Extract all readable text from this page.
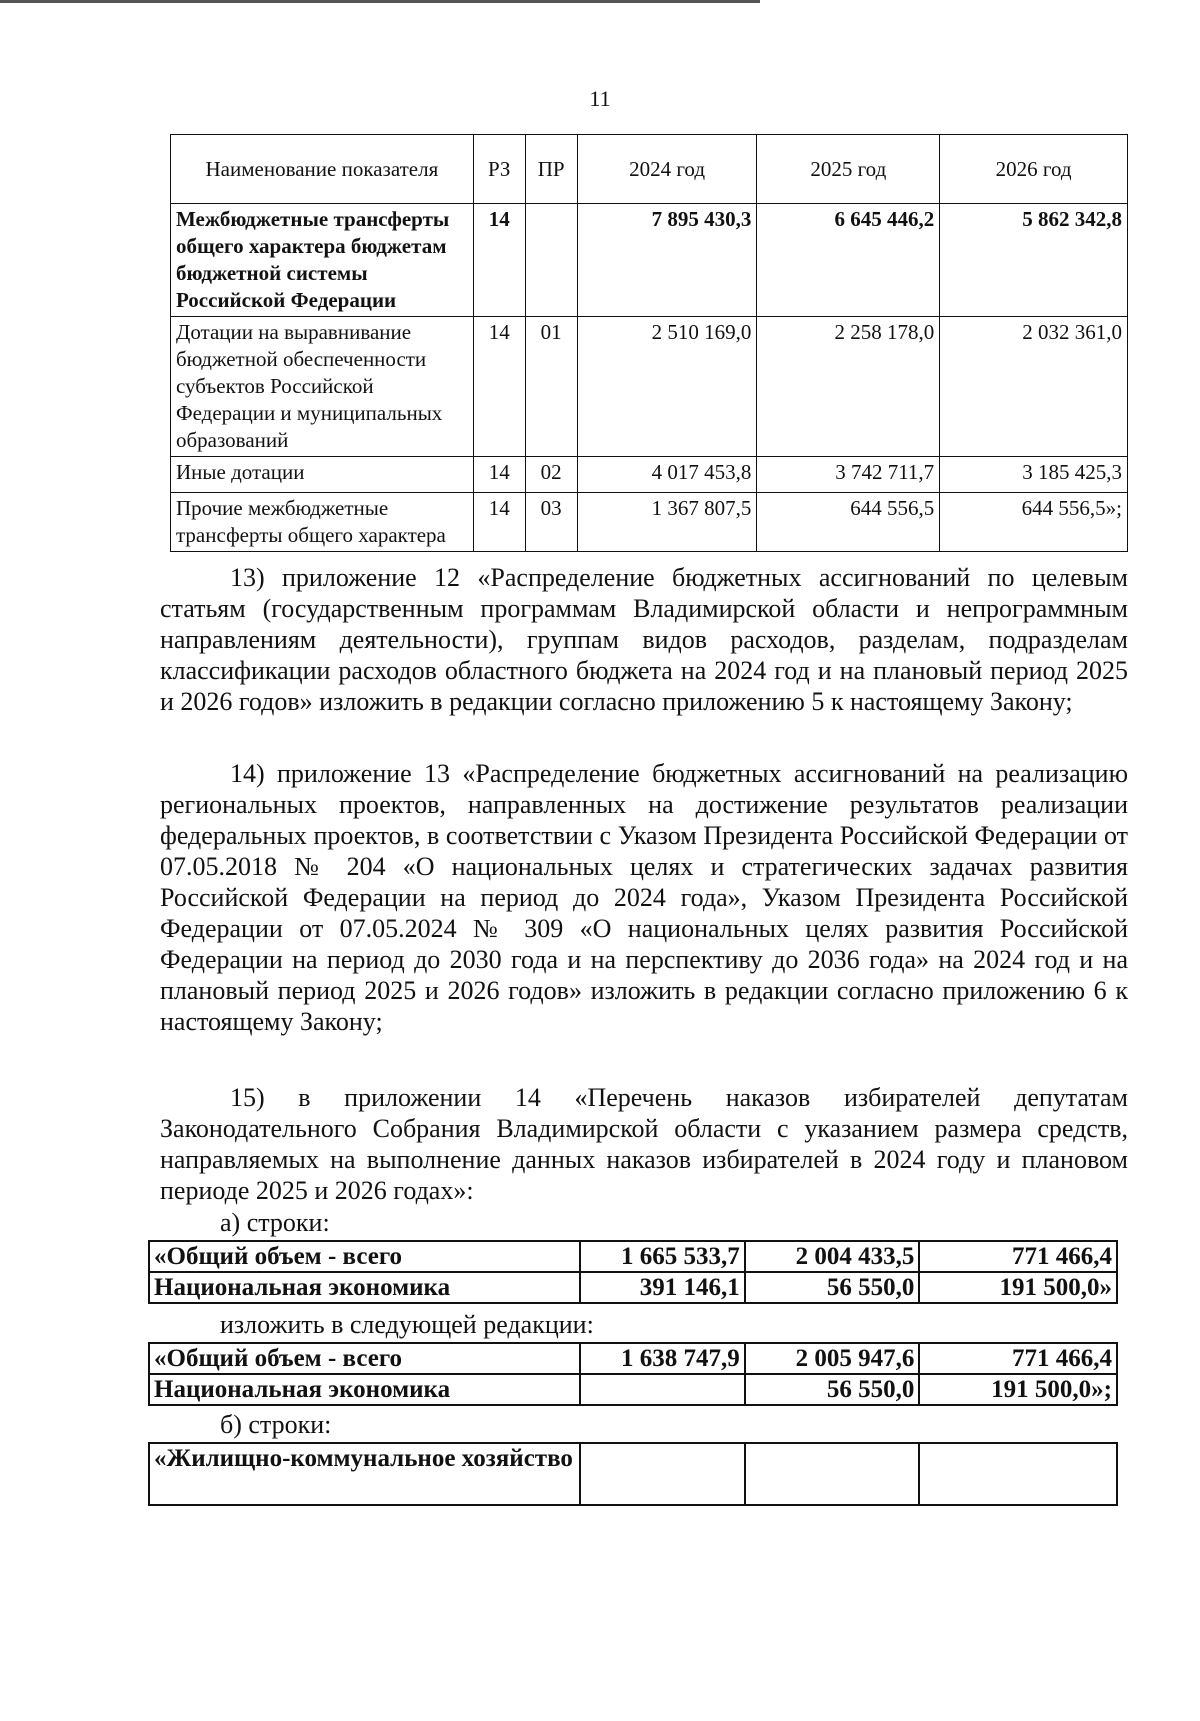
11
Наименование показателя	РЗ	ПР	2024 год	2025 год	2026 год
Межбюджетные трансферты общего характера бюджетам бюджетной системы Российской Федерации	14		7 895 430,3	6 645 446,2	5 862 342,8
Дотации на выравнивание бюджетной обеспеченности субъектов Российской Федерации и муниципальных образований	14	01	2 510 169,0	2 258 178,0	2 032 361,0
Иные дотации	14	02	4 017 453,8	3 742 711,7	3 185 425,3
Прочие межбюджетные трансферты общего характера	14	03	1 367 807,5	644 556,5	644 556,5»;
13) приложение 12 «Распределение бюджетных ассигнований по целевым статьям (государственным программам Владимирской области и непрограммным направлениям деятельности), группам видов расходов, разделам, подразделам классификации расходов областного бюджета на 2024 год и на плановый период 2025 и 2026 годов» изложить в редакции согласно приложению 5 к настоящему Закону;
14) приложение 13 «Распределение бюджетных ассигнований на реализацию региональных проектов, направленных на достижение результатов реализации федеральных проектов, в соответствии с Указом Президента Российской Федерации от 07.05.2018 № 204 «О национальных целях и стратегических задачах развития Российской Федерации на период до 2024 года», Указом Президента Российской Федерации от 07.05.2024 № 309 «О национальных целях развития Российской Федерации на период до 2030 года и на перспективу до 2036 года» на 2024 год и на плановый период 2025 и 2026 годов» изложить в редакции согласно приложению 6 к настоящему Закону;
15) в приложении 14 «Перечень наказов избирателей депутатам Законодательного Собрания Владимирской области с указанием размера средств, направляемых на выполнение данных наказов избирателей в 2024 году и плановом периоде 2025 и 2026 годах»:
а) строки:
«Общий объем - всего	1 665 533,7	2 004 433,5	771 466,4
Национальная экономика	391 146,1	56 550,0	191 500,0»
изложить в следующей редакции:
«Общий объем - всего	1 638 747,9	2 005 947,6	771 466,4
Национальная экономика		56 550,0	191 500,0»;
б) строки:
«Жилищно-коммунальное хозяйство			
